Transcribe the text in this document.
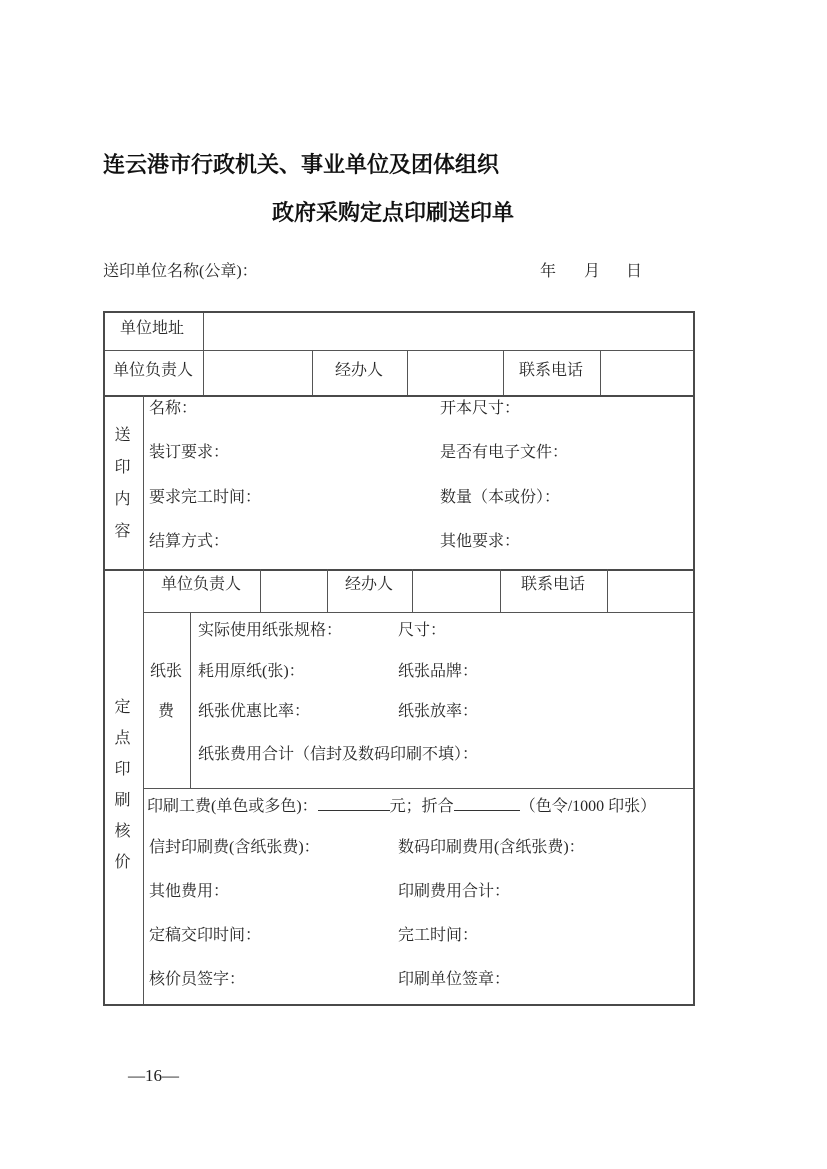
连云港市行政机关、事业单位及团体组织
政府采购定点印刷送印单
送印单位名称(公章)：	年 月 日
单位地址
单位负责人	经办人	联系电话
送印内容
名称：	开本尺寸：
装订要求：	是否有电子文件：
要求完工时间：	数量（本或份）：
结算方式：	其他要求：
定点印刷核价
单位负责人	经办人	联系电话
纸张
费
实际使用纸张规格：	尺寸：
耗用原纸(张)：	纸张品牌：
纸张优惠比率：	纸张放率：
纸张费用合计（信封及数码印刷不填）：
印刷工费(单色或多色)：	元；折合	（色令/1000 印张）
信封印刷费(含纸张费)：	数码印刷费用(含纸张费)：
其他费用：	印刷费用合计：
定稿交印时间：	完工时间：
核价员签字：	印刷单位签章：
—16—
